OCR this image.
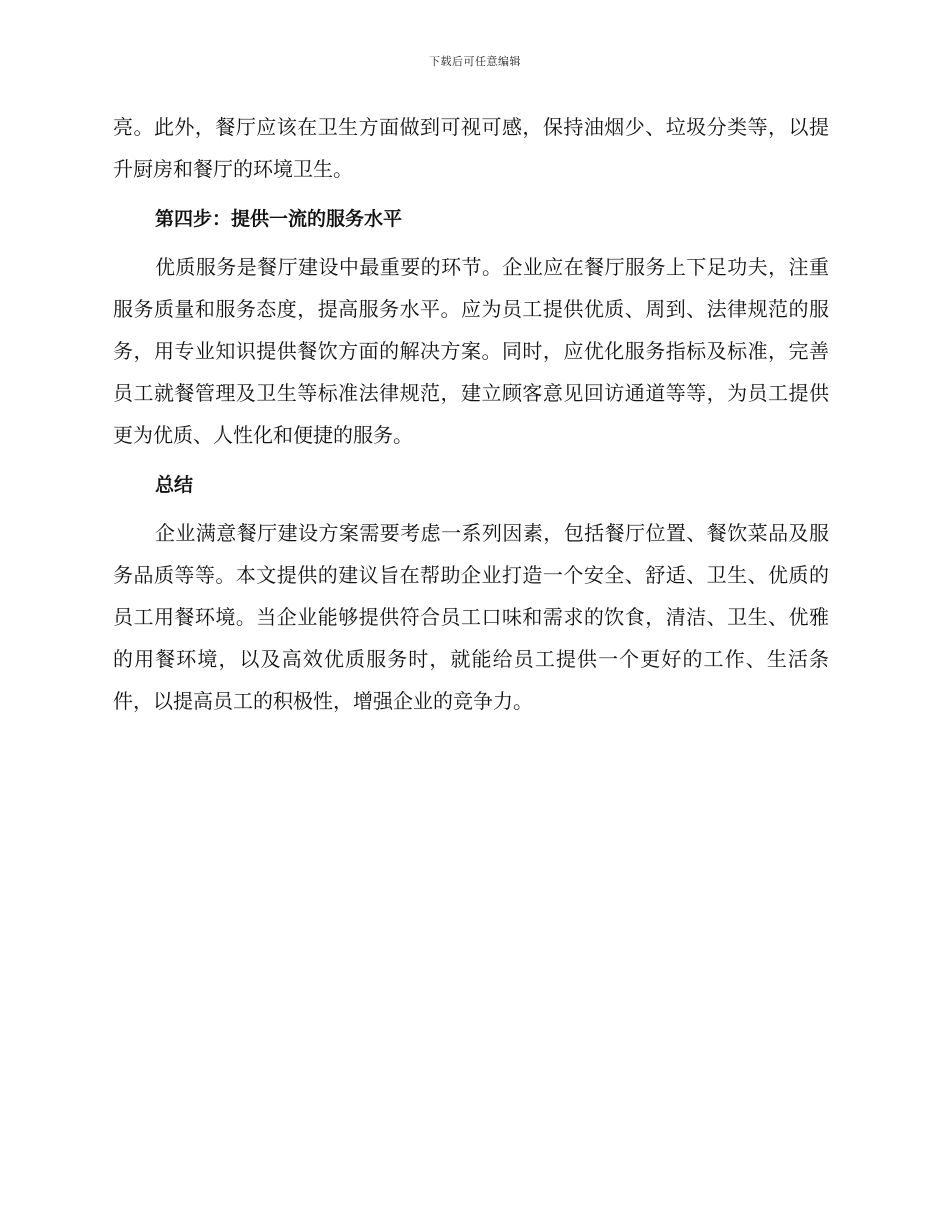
下载后可任意编辑

亮。此外，餐厅应该在卫生方面做到可视可感，保持油烟少、垃圾分类等，以提升厨房和餐厅的环境卫生。

第四步：提供一流的服务水平

优质服务是餐厅建设中最重要的环节。企业应在餐厅服务上下足功夫，注重服务质量和服务态度，提高服务水平。应为员工提供优质、周到、法律规范的服务，用专业知识提供餐饮方面的解决方案。同时，应优化服务指标及标准，完善员工就餐管理及卫生等标准法律规范，建立顾客意见回访通道等等，为员工提供更为优质、人性化和便捷的服务。

总结

企业满意餐厅建设方案需要考虑一系列因素，包括餐厅位置、餐饮菜品及服务品质等等。本文提供的建议旨在帮助企业打造一个安全、舒适、卫生、优质的员工用餐环境。当企业能够提供符合员工口味和需求的饮食，清洁、卫生、优雅的用餐环境，以及高效优质服务时，就能给员工提供一个更好的工作、生活条件，以提高员工的积极性，增强企业的竞争力。
